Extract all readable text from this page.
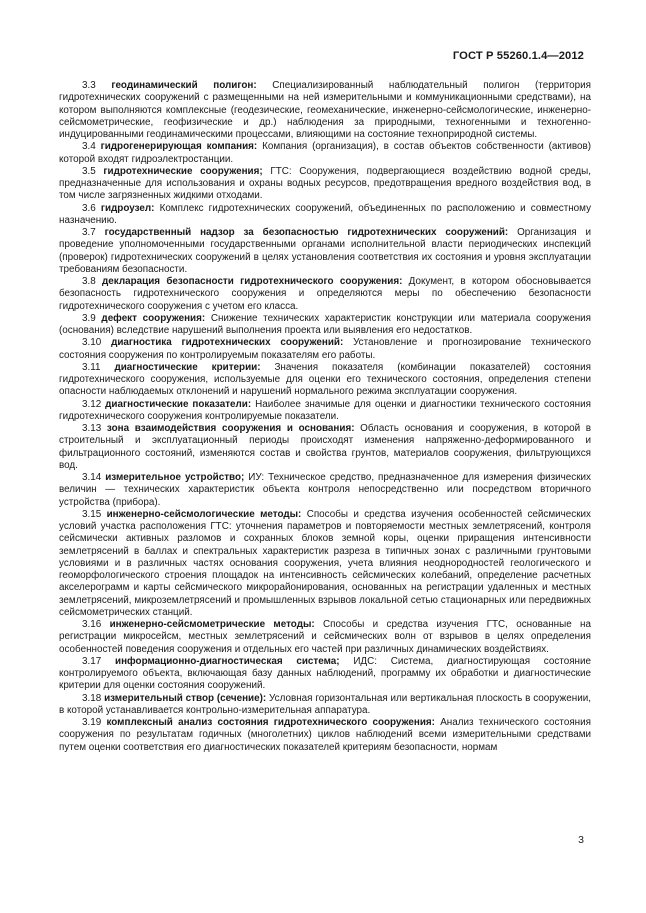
ГОСТ Р 55260.1.4—2012

3.3 геодинамический полигон: Специализированный наблюдательный полигон (территория гидротехнических сооружений с размещенными на ней измерительными и коммуникационными средствами), на котором выполняются комплексные (геодезические, геомеханические, инженерно-сейсмологические, инженерно-сейсмометрические, геофизические и др.) наблюдения за природными, техногенными и техногенно-индуцированными геодинамическими процессами, влияющими на состояние техноприродной системы.

3.4 гидрогенерирующая компания: Компания (организация), в состав объектов собственности (активов) которой входят гидроэлектростанции.

3.5 гидротехнические сооружения; ГТС: Сооружения, подвергающиеся воздействию водной среды, предназначенные для использования и охраны водных ресурсов, предотвращения вредного воздействия вод, в том числе загрязненных жидкими отходами.

3.6 гидроузел: Комплекс гидротехнических сооружений, объединенных по расположению и совместному назначению.

3.7 государственный надзор за безопасностью гидротехнических сооружений: Организация и проведение уполномоченными государственными органами исполнительной власти периодических инспекций (проверок) гидротехнических сооружений в целях установления соответствия их состояния и уровня эксплуатации требованиям безопасности.

3.8 декларация безопасности гидротехнического сооружения: Документ, в котором обосновывается безопасность гидротехнического сооружения и определяются меры по обеспечению безопасности гидротехнического сооружения с учетом его класса.

3.9 дефект сооружения: Снижение технических характеристик конструкции или материала сооружения (основания) вследствие нарушений выполнения проекта или выявления его недостатков.

3.10 диагностика гидротехнических сооружений: Установление и прогнозирование технического состояния сооружения по контролируемым показателям его работы.

3.11 диагностические критерии: Значения показателя (комбинации показателей) состояния гидротехнического сооружения, используемые для оценки его технического состояния, определения степени опасности наблюдаемых отклонений и нарушений нормального режима эксплуатации сооружения.

3.12 диагностические показатели: Наиболее значимые для оценки и диагностики технического состояния гидротехнического сооружения контролируемые показатели.

3.13 зона взаимодействия сооружения и основания: Область основания и сооружения, в которой в строительный и эксплуатационный периоды происходят изменения напряженно-деформированного и фильтрационного состояний, изменяются состав и свойства грунтов, материалов сооружения, фильтрующихся вод.

3.14 измерительное устройство; ИУ: Техническое средство, предназначенное для измерения физических величин — технических характеристик объекта контроля непосредственно или посредством вторичного устройства (прибора).

3.15 инженерно-сейсмологические методы: Способы и средства изучения особенностей сейсмических условий участка расположения ГТС: уточнения параметров и повторяемости местных землетрясений, контроля сейсмически активных разломов и сохранных блоков земной коры, оценки приращения интенсивности землетрясений в баллах и спектральных характеристик разреза в типичных зонах с различными грунтовыми условиями и в различных частях основания сооружения, учета влияния неоднородностей геологического и геоморфологического строения площадок на интенсивность сейсмических колебаний, определение расчетных акселерограмм и карты сейсмического микрорайонирования, основанных на регистрации удаленных и местных землетрясений, микроземлетрясений и промышленных взрывов локальной сетью стационарных или передвижных сейсмометрических станций.

3.16 инженерно-сейсмометрические методы: Способы и средства изучения ГТС, основанные на регистрации микросейсм, местных землетрясений и сейсмических волн от взрывов в целях определения особенностей поведения сооружения и отдельных его частей при различных динамических воздействиях.

3.17 информационно-диагностическая система; ИДС: Система, диагностирующая состояние контролируемого объекта, включающая базу данных наблюдений, программу их обработки и диагностические критерии для оценки состояния сооружений.

3.18 измерительный створ (сечение): Условная горизонтальная или вертикальная плоскость в сооружении, в которой устанавливается контрольно-измерительная аппаратура.

3.19 комплексный анализ состояния гидротехнического сооружения: Анализ технического состояния сооружения по результатам годичных (многолетних) циклов наблюдений всеми измерительными средствами путем оценки соответствия его диагностических показателей критериям безопасности, нормам

3
